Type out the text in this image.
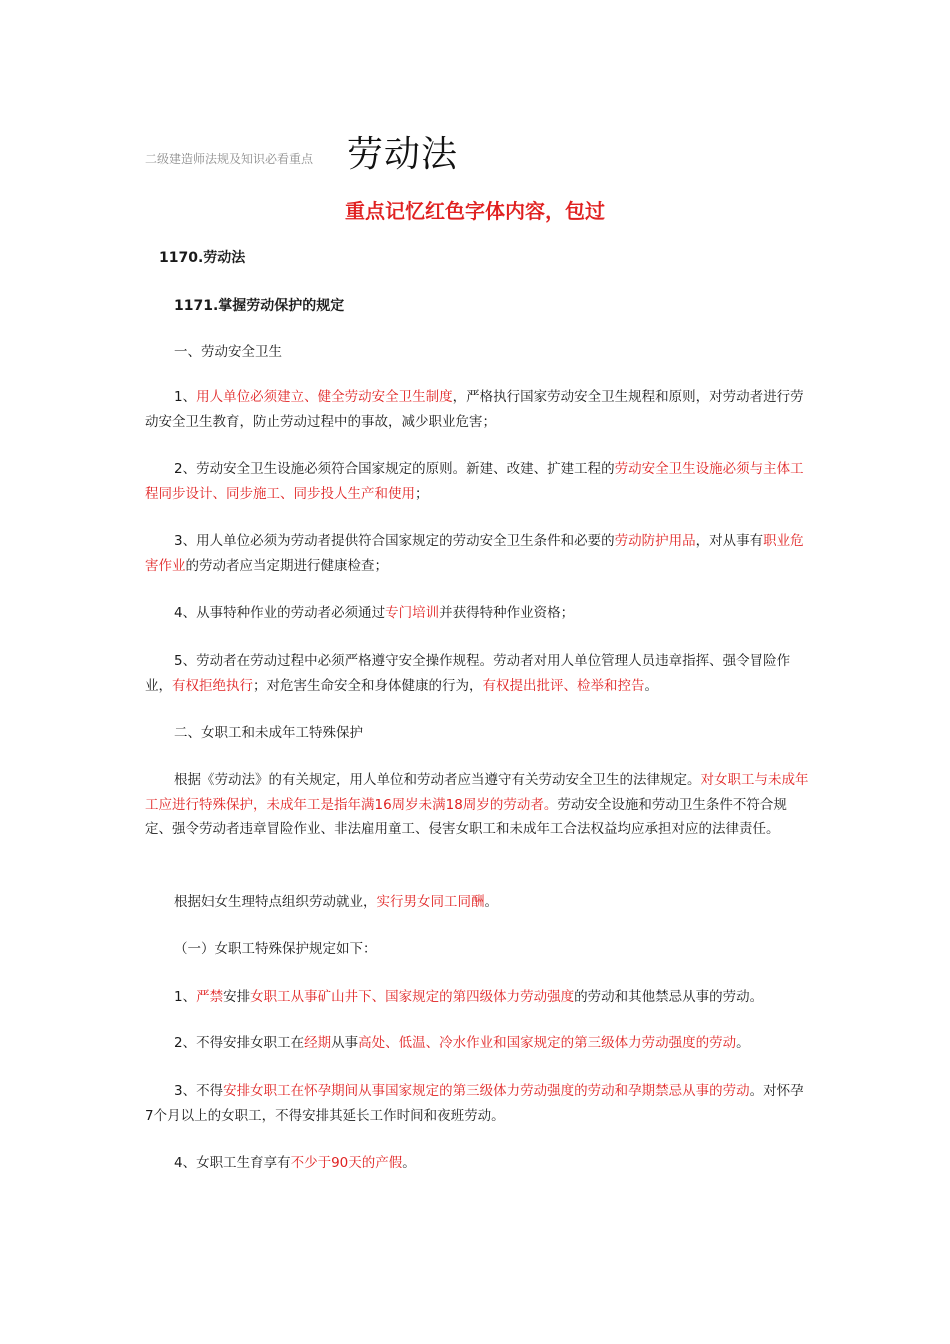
二级建造师法规及知识必看重点 劳动法
重点记忆红色字体内容，包过
1170.劳动法
1171.掌握劳动保护的规定
一、劳动安全卫生
1、用人单位必须建立、健全劳动安全卫生制度，严格执行国家劳动安全卫生规程和原则，对劳动者进行劳动安全卫生教育，防止劳动过程中的事故，减少职业危害；
2、劳动安全卫生设施必须符合国家规定的原则。新建、改建、扩建工程的劳动安全卫生设施必须与主体工程同步设计、同步施工、同步投人生产和使用；
3、用人单位必须为劳动者提供符合国家规定的劳动安全卫生条件和必要的劳动防护用品，对从事有职业危害作业的劳动者应当定期进行健康检查；
4、从事特种作业的劳动者必须通过专门培训并获得特种作业资格；
5、劳动者在劳动过程中必须严格遵守安全操作规程。劳动者对用人单位管理人员违章指挥、强令冒险作业，有权拒绝执行；对危害生命安全和身体健康的行为，有权提出批评、检举和控告。
二、女职工和未成年工特殊保护
根据《劳动法》的有关规定，用人单位和劳动者应当遵守有关劳动安全卫生的法律规定。对女职工与未成年工应进行特殊保护，未成年工是指年满16周岁未满18周岁的劳动者。劳动安全设施和劳动卫生条件不符合规定、强令劳动者违章冒险作业、非法雇用童工、侵害女职工和未成年工合法权益均应承担对应的法律责任。
根据妇女生理特点组织劳动就业，实行男女同工同酬。
（一）女职工特殊保护规定如下：
1、严禁安排女职工从事矿山井下、国家规定的第四级体力劳动强度的劳动和其他禁忌从事的劳动。
2、不得安排女职工在经期从事高处、低温、冷水作业和国家规定的第三级体力劳动强度的劳动。
3、不得安排女职工在怀孕期间从事国家规定的第三级体力劳动强度的劳动和孕期禁忌从事的劳动。对怀孕7个月以上的女职工，不得安排其延长工作时间和夜班劳动。
4、女职工生育享有不少于90天的产假。
